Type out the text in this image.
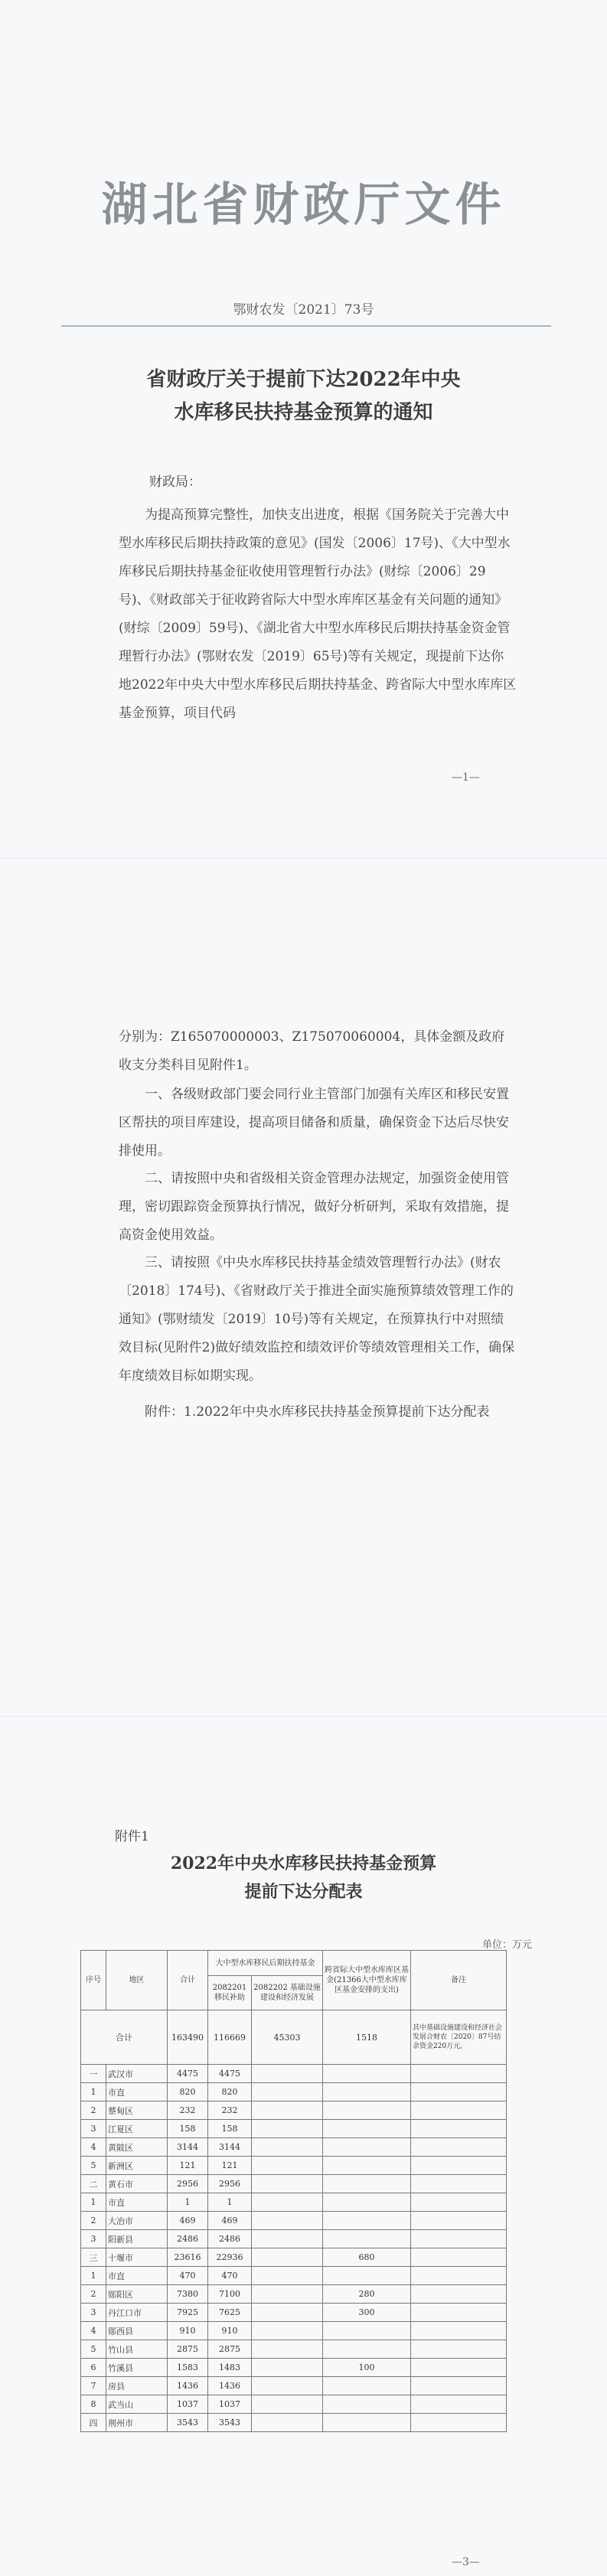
湖北省财政厅文件
鄂财农发〔2021〕73号
省财政厅关于提前下达2022年中央
水库移民扶持基金预算的通知
财政局：
为提高预算完整性，加快支出进度，根据《国务院关于完善大中型水库移民后期扶持政策的意见》(国发〔2006〕17号)、《大中型水库移民后期扶持基金征收使用管理暂行办法》(财综〔2006〕29号)、《财政部关于征收跨省际大中型水库库区基金有关问题的通知》(财综〔2009〕59号)、《湖北省大中型水库移民后期扶持基金资金管理暂行办法》(鄂财农发〔2019〕65号)等有关规定，现提前下达你地2022年中央大中型水库移民后期扶持基金、跨省际大中型水库库区基金预算，项目代码
—1—
分别为：Z165070000003、Z175070060004，具体金额及政府收支分类科目见附件1。
一、各级财政部门要会同行业主管部门加强有关库区和移民安置区帮扶的项目库建设，提高项目储备和质量，确保资金下达后尽快安排使用。
二、请按照中央和省级相关资金管理办法规定，加强资金使用管理，密切跟踪资金预算执行情况，做好分析研判，采取有效措施，提高资金使用效益。
三、请按照《中央水库移民扶持基金绩效管理暂行办法》(财农〔2018〕174号)、《省财政厅关于推进全面实施预算绩效管理工作的通知》(鄂财绩发〔2019〕10号)等有关规定，在预算执行中对照绩效目标(见附件2)做好绩效监控和绩效评价等绩效管理相关工作，确保年度绩效目标如期实现。
附件：1.2022年中央水库移民扶持基金预算提前下达分配表
附件1
2022年中央水库移民扶持基金预算
提前下达分配表
单位：万元
序号	地区	合计	大中型水库移民后期扶持基金		跨省际大中型水库库区基金(21366大中型水库库区基金安排的支出)	备注
			2082201 移民补助	2082202 基础设施建设和经济发展		
合计		163490	116669	45303	1518	其中基础设施建设和经济社会发展合财农〔2020〕87号结余资金220万元。
一	武汉市	4475	4475			
1	市直	820	820			
2	蔡甸区	232	232			
3	江夏区	158	158			
4	黄陂区	3144	3144			
5	新洲区	121	121			
二	黄石市	2956	2956			
1	市直	1	1			
2	大冶市	469	469			
3	阳新县	2486	2486			
三	十堰市	23616	22936		680	
1	市直	470	470			
2	郧阳区	7380	7100		280	
3	丹江口市	7925	7625		300	
4	郧西县	910	910			
5	竹山县	2875	2875			
6	竹溪县	1583	1483		100	
7	房县	1436	1436			
8	武当山	1037	1037			
四	荆州市	3543	3543			
—3—
